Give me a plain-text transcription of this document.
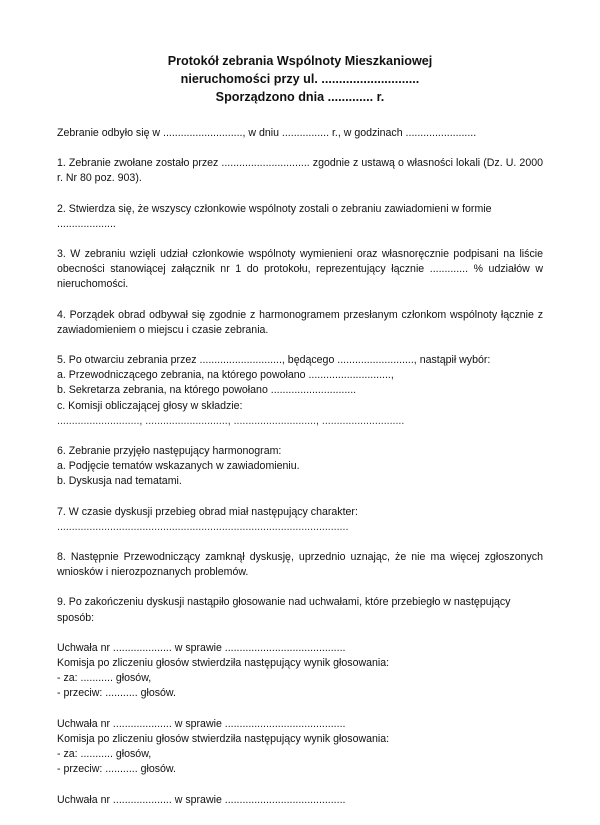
Protokół zebrania Wspólnoty Mieszkaniowej
nieruchomości przy ul. ............................
Sporządzono dnia ............. r.

Zebranie odbyło się w ..........................., w dniu ................ r., w godzinach ........................

1. Zebranie zwołane zostało przez .............................. zgodnie z ustawą o własności lokali (Dz. U. 2000 r. Nr 80 poz. 903).

2. Stwierdza się, że wszyscy członkowie wspólnoty zostali o zebraniu zawiadomieni w formie ....................

3. W zebraniu wzięli udział członkowie wspólnoty wymienieni oraz własnoręcznie podpisani na liście obecności stanowiącej załącznik nr 1 do protokołu, reprezentujący łącznie ............. % udziałów w nieruchomości.

4. Porządek obrad odbywał się zgodnie z harmonogramem przesłanym członkom wspólnoty łącznie z zawiadomieniem o miejscu i czasie zebrania.

5. Po otwarciu zebrania przez ............................, będącego .........................., nastąpił wybór:
a. Przewodniczącego zebrania, na którego powołano ............................,
b. Sekretarza zebrania, na którego powołano .............................
c. Komisji obliczającej głosy w składzie:
............................, ............................, ............................, ............................
6. Zebranie przyjęło następujący harmonogram:
a. Podjęcie tematów wskazanych w zawiadomieniu.
b. Dyskusja nad tematami.
7. W czasie dyskusji przebieg obrad miał następujący charakter:
...................................................................................................

8. Następnie Przewodniczący zamknął dyskusję, uprzednio uznając, że nie ma więcej zgłoszonych wniosków i nierozpoznanych problemów.

9. Po zakończeniu dyskusji nastąpiło głosowanie nad uchwałami, które przebiegło w następujący sposób:

Uchwała nr .................... w sprawie .........................................
Komisja po zliczeniu głosów stwierdziła następujący wynik głosowania:
- za: ........... głosów,
- przeciw: ........... głosów.
Uchwała nr .................... w sprawie .........................................
Komisja po zliczeniu głosów stwierdziła następujący wynik głosowania:
- za: ........... głosów,
- przeciw: ........... głosów.
Uchwała nr .................... w sprawie .........................................
